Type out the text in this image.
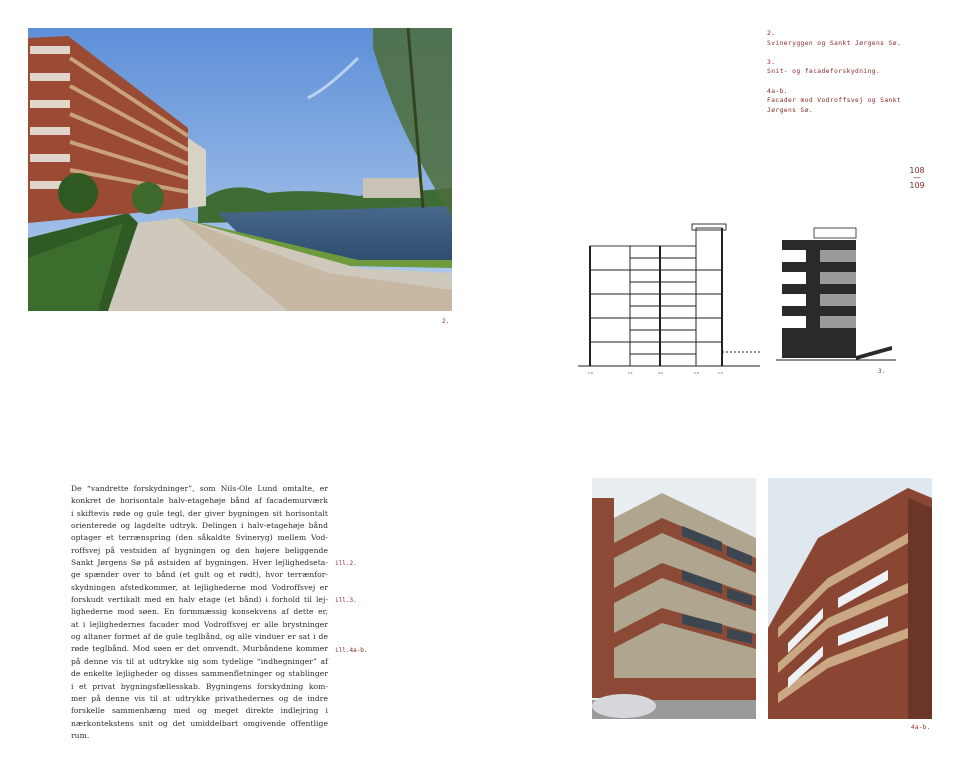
2.
2.
Svineryggen og Sankt Jørgens Sø.
3.
Snit- og facadeforskydning.
4a-b.
Facader mod Vodroffsvej og Sankt Jørgens Sø.
108
—
109
1.0	2.1	4.0	2.0	1.2	3.
De “vandrette forskydninger”, som Nils-Ole Lund omtalte, er
konkret de horisontale halv-etagehøje bånd af facademurværk
i skiftevis røde og gule tegl, der giver bygningen sit horisontalt
orienterede og lagdelte udtryk. Delingen i halv-etagehøje bånd
optager et terrænspring (den såkaldte Svineryg) mellem Vod-
roffsvej på vestsiden af bygningen og den højere beliggende
Sankt Jørgens Sø på østsiden af bygningen. Hver lejlighedseta-
ge spænder over to bånd (et gult og et rødt), hvor terrænfor-
skydningen afstedkommer, at lejlighederne mod Vodroffsvej er
forskudt vertikalt med en halv etage (et bånd) i forhold til lej-
lighederne mod søen. En formmæssig konsekvens af dette er,
at i lejlighedernes facader mod Vodroffsvej er alle brystninger
og altaner formet af de gule teglbånd, og alle vinduer er sat i de
røde teglbånd. Mod søen er det omvendt. Murbåndene kommer
på denne vis til at udtrykke sig som tydelige “indhegninger” af
de enkelte lejligheder og disses sammenfletninger og stablinger
i et privat bygningsfællesskab. Bygningens forskydning kom-
mer på denne vis til at udtrykke privathedernes og de indre
forskelle sammenhæng med og meget direkte indlejring i
nærkontekstens snit og det umiddelbart omgivende offentlige
rum.
ill.2.
ill.3.
ill.4a-b.
4a-b.
